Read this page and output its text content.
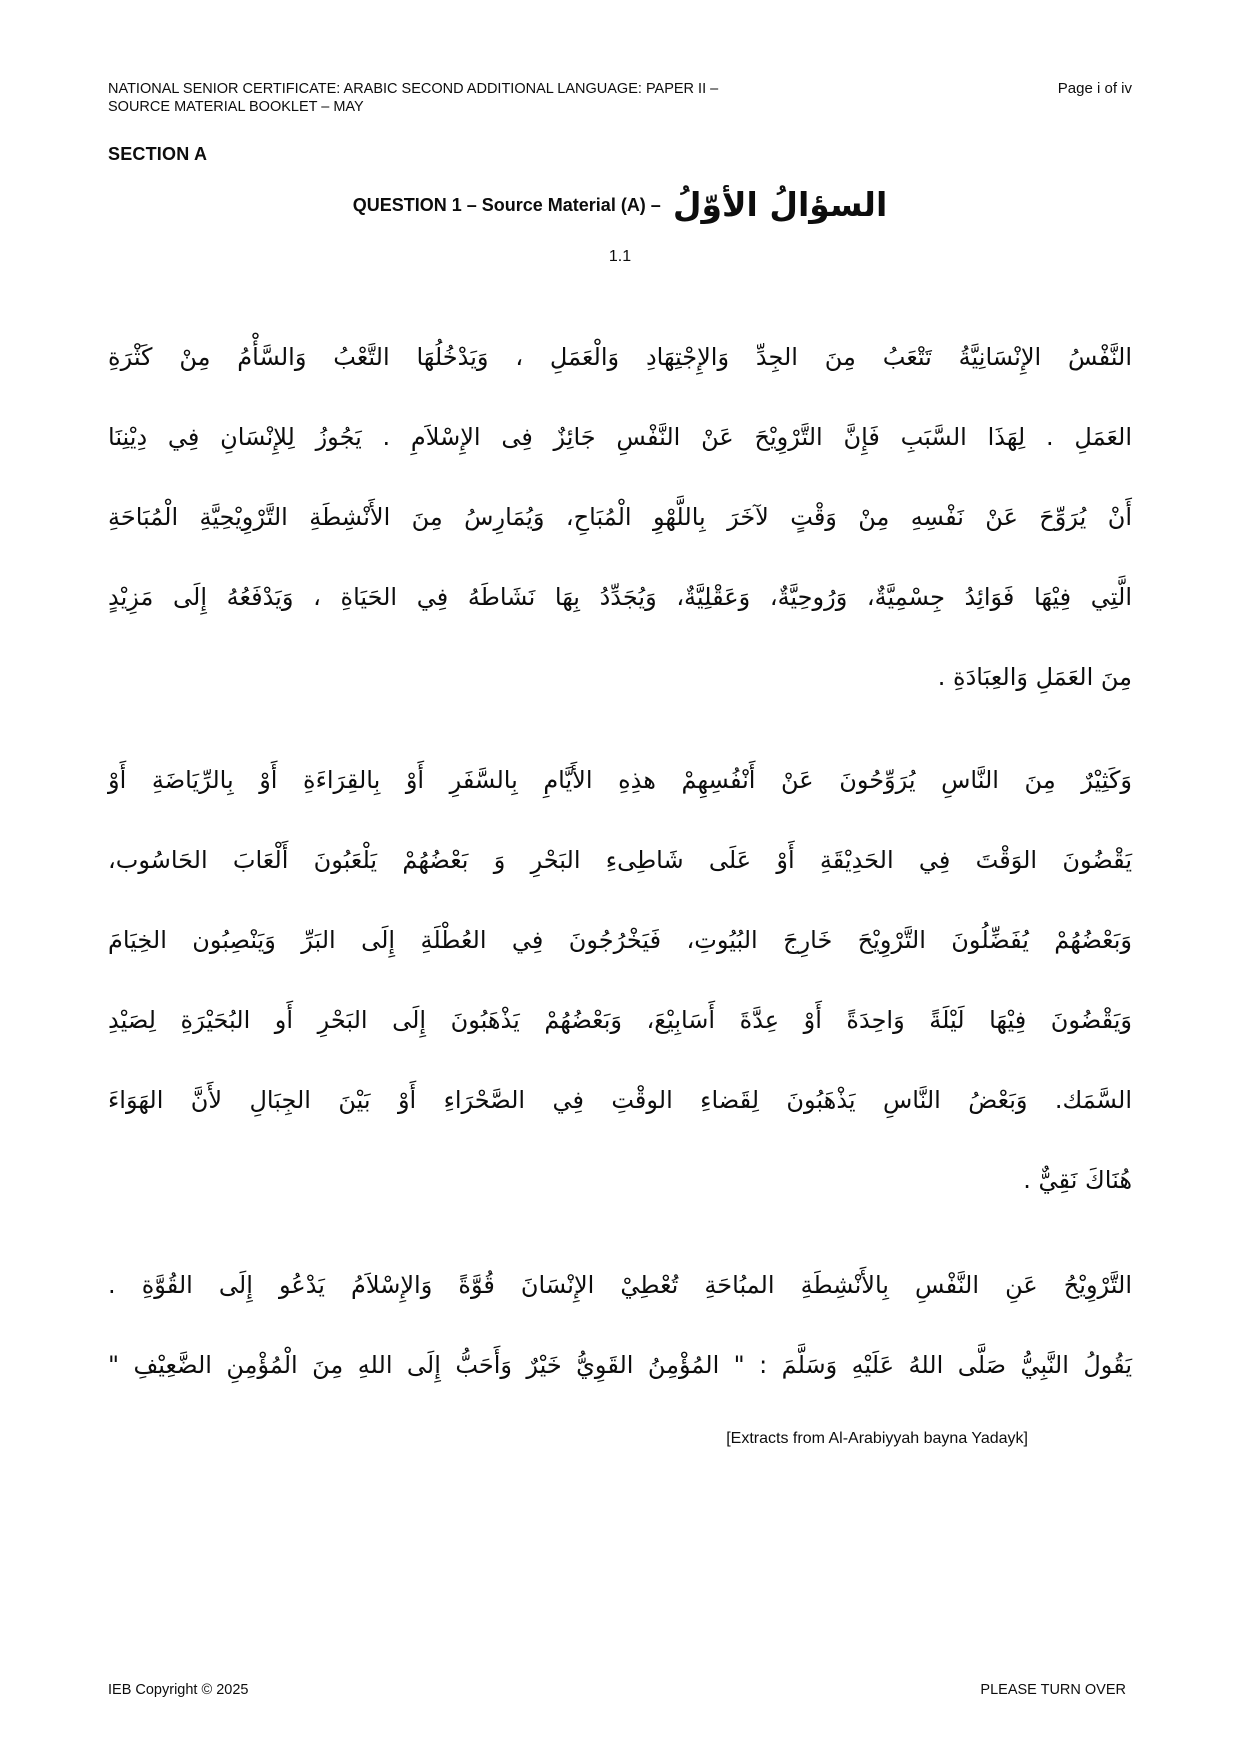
NATIONAL SENIOR CERTIFICATE: ARABIC SECOND ADDITIONAL LANGUAGE: PAPER II –
SOURCE MATERIAL BOOKLET – MAY
Page i of iv
SECTION A
QUESTION 1 – Source Material (A) – السؤالُ الأوّلُ
1.1
النَّفْسُ الإِنْسَانِيَّةُ تَتْعَبُ مِنَ الجِدِّ وَالإِجْتِهَادِ وَالْعَمَلِ ، وَيَدْخُلُهَا التَّعْبُ وَالسَّأْمُ مِنْ كَثْرَةِ
العَمَلِ . لِهَذَا السَّبَبِ فَإِنَّ التَّرْوِيْحَ عَنْ النَّفْسِ جَائِزٌ فِى الإِسْلاَمِ . يَجُوزُ لِلإِنْسَانِ فِي دِيْنِنَا
أَنْ يُرَوِّحَ عَنْ نَفْسِهِ مِنْ وَقْتٍ لآخَرَ بِاللَّهْوِ الْمُبَاحِ، وَيُمَارِسُ مِنَ الأَنْشِطَةِ التَّرْوِيْحِيَّةِ الْمُبَاحَةِ
الَّتِي فِيْهَا فَوَائِدُ جِسْمِيَّةٌ، وَرُوحِيَّةٌ، وَعَقْلِيَّةٌ، وَيُجَدِّدُ بِهَا نَشَاطَهُ فِي الحَيَاةِ ، وَيَدْفَعُهُ إِلَى مَزِيْدٍ
مِنَ العَمَلِ وَالعِبَادَةِ .
وَكَثِيْرٌ مِنَ النَّاسِ يُرَوِّحُونَ عَنْ أَنْفُسِهِمْ هذِهِ الأَيَّامِ بِالسَّفَرِ أَوْ بِالقِرَاءَةِ أَوْ بِالرِّيَاضَةِ أَوْ
يَقْضُونَ الوَقْتَ فِي الحَدِيْقَةِ أَوْ عَلَى شَاطِىءِ البَحْرِ وَ بَعْضُهُمْ يَلْعَبُونَ أَلْعَابَ الحَاسُوب،
وَبَعْضُهُمْ يُفَضِّلُونَ التَّرْوِيْحَ خَارِجَ البُيُوتِ، فَيَخْرُجُونَ فِي العُطْلَةِ إِلَى البَرِّ وَيَنْصِبُون الخِيَامَ
وَيَقْضُونَ فِيْهَا لَيْلَةً وَاحِدَةً أَوْ عِدَّةَ أَسَابِيْعَ، وَبَعْضُهُمْ يَذْهَبُونَ إِلَى البَحْرِ أَو البُحَيْرَةِ لِصَيْدِ
السَّمَك. وَبَعْضُ النَّاسِ يَذْهَبُونَ لِقَضاءِ الوقْتِ فِي الصَّحْرَاءِ أَوْ بَيْنَ الجِبَالِ لأَنَّ الهَوَاءَ
هُنَاكَ نَقِيٌّ .
التَّرْوِيْحُ عَنِ النَّفْسِ بِالأَنْشِطَةِ المبُاحَةِ تُعْطِيْ الإِنْسَانَ قُوَّةً وَالإِسْلاَمُ يَدْعُو إِلَى القُوَّةِ .
يَقُولُ النَّبِيُّ صَلَّى اللهُ عَلَيْهِ وَسَلَّمَ : " المُؤْمِنُ القَوِيُّ خَيْرٌ وَأَحَبُّ إِلَى اللهِ مِنَ الْمُؤْمِنِ الضَّعِيْفِ "
[Extracts from Al-Arabiyyah bayna Yadayk]
IEB Copyright © 2025	PLEASE TURN OVER
